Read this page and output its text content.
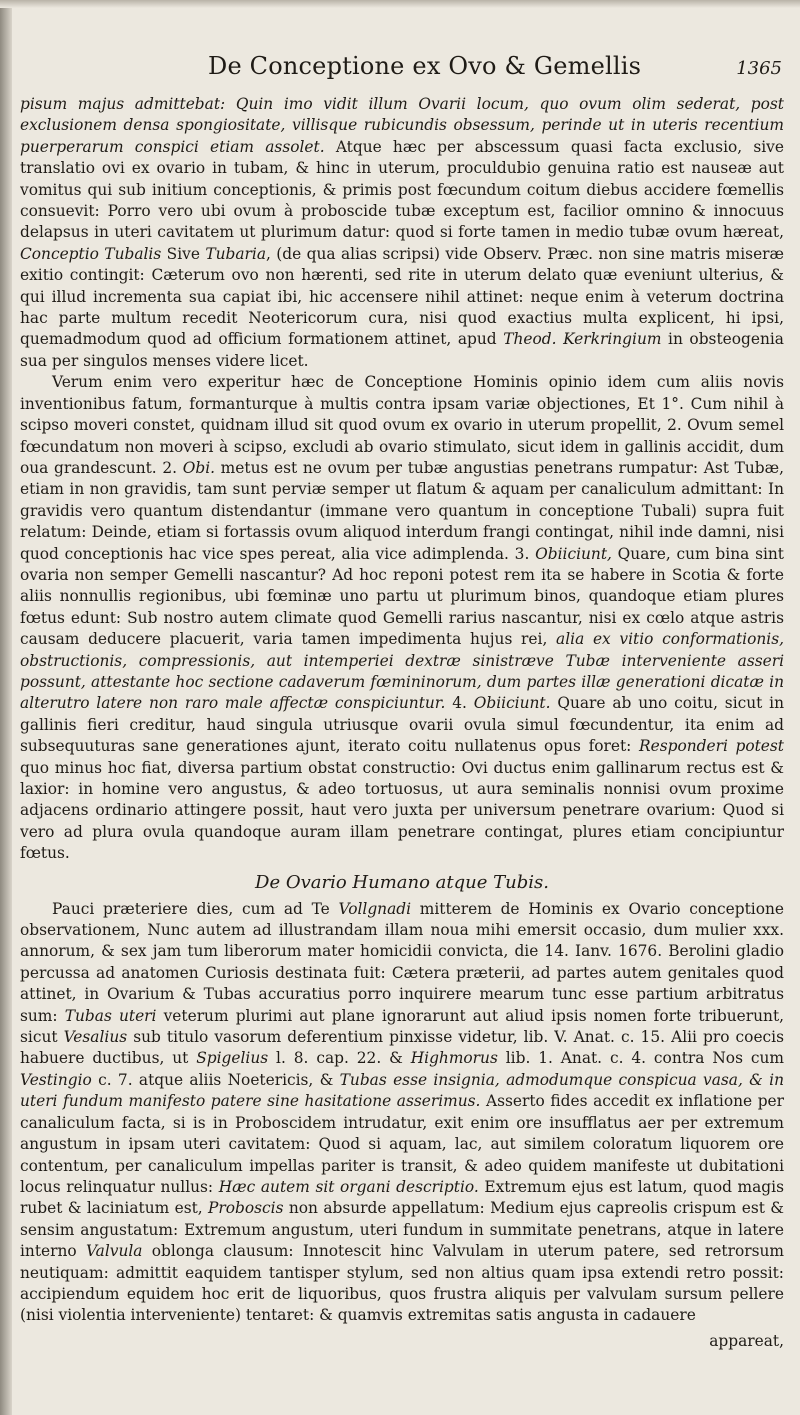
De Conceptione ex Ovo & Gemellis	1365

pisum majus admittebat: Quin imo vidit illum Ovarii locum, quo ovum olim sederat, post exclusionem densa spongiositate, villisque rubicundis obsessum, perinde ut in uteris recentium puerperarum conspici etiam assolet. Atque hæc per abscessum quasi facta exclusio, sive translatio ovi ex ovario in tubam, & hinc in uterum, proculdubio genuina ratio est nauseæ aut vomitus qui sub initium conceptionis, & primis post fœcundum coitum diebus accidere fœmellis consuevit: Porro vero ubi ovum à proboscide tubæ exceptum est, facilior omnino & innocuus delapsus in uteri cavitatem ut plurimum datur: quod si forte tamen in medio tubæ ovum hæreat, Conceptio Tubalis Sive Tubaria, (de qua alias scripsi) vide Observ. Præc. non sine matris miseræ exitio contingit: Cæterum ovo non hærenti, sed rite in uterum delato quæ eveniunt ulterius, & qui illud incrementa sua capiat ibi, hic accensere nihil attinet: neque enim à veterum doctrina hac parte multum recedit Neotericorum cura, nisi quod exactius multa explicent, hi ipsi, quemadmodum quod ad officium formationem attinet, apud Theod. Kerkringium in obsteogenia sua per singulos menses videre licet.

Verum enim vero experitur hæc de Conceptione Hominis opinio idem cum aliis novis inventionibus fatum, formanturque à multis contra ipsam variæ objectiones, Et 1°. Cum nihil à scipso moveri constet, quidnam illud sit quod ovum ex ovario in uterum propellit, 2. Ovum semel fœcundatum non moveri à scipso, excludi ab ovario stimulato, sicut idem in gallinis accidit, dum oua grandescunt. 2. Obi. metus est ne ovum per tubæ angustias penetrans rumpatur: Ast Tubæ, etiam in non gravidis, tam sunt perviæ semper ut flatum & aquam per canaliculum admittant: In gravidis vero quantum distendantur (immane vero quantum in conceptione Tubali) supra fuit relatum: Deinde, etiam si fortassis ovum aliquod interdum frangi contingat, nihil inde damni, nisi quod conceptionis hac vice spes pereat, alia vice adimplenda. 3. Obiiciunt, Quare, cum bina sint ovaria non semper Gemelli nascantur? Ad hoc reponi potest rem ita se habere in Scotia & forte aliis nonnullis regionibus, ubi fœminæ uno partu ut plurimum binos, quandoque etiam plures fœtus edunt: Sub nostro autem climate quod Gemelli rarius nascantur, nisi ex cœlo atque astris causam deducere placuerit, varia tamen impedimenta hujus rei, alia ex vitio conformationis, obstructionis, compressionis, aut intemperiei dextræ sinistræve Tubæ interveniente asseri possunt, attestante hoc sectione cadaverum fœmininorum, dum partes illæ generationi dicatæ in alterutro latere non raro male affectæ conspiciuntur. 4. Obiiciunt. Quare ab uno coitu, sicut in gallinis fieri creditur, haud singula utriusque ovarii ovula simul fœcundentur, ita enim ad subsequuturas sane generationes ajunt, iterato coitu nullatenus opus foret: Responderi potest quo minus hoc fiat, diversa partium obstat constructio: Ovi ductus enim gallinarum rectus est & laxior: in homine vero angustus, & adeo tortuosus, ut aura seminalis nonnisi ovum proxime adjacens ordinario attingere possit, haut vero juxta per universum penetrare ovarium: Quod si vero ad plura ovula quandoque auram illam penetrare contingat, plures etiam concipiuntur fœtus.

De Ovario Humano atque Tubis.

Pauci præteriere dies, cum ad Te Vollgnadi mitterem de Hominis ex Ovario conceptione observationem, Nunc autem ad illustrandam illam noua mihi emersit occasio, dum mulier xxx. annorum, & sex jam tum liberorum mater homicidii convicta, die 14. Ianv. 1676. Berolini gladio percussa ad anatomen Curiosis destinata fuit: Cætera præterii, ad partes autem genitales quod attinet, in Ovarium & Tubas accuratius porro inquirere mearum tunc esse partium arbitratus sum: Tubas uteri veterum plurimi aut plane ignorarunt aut aliud ipsis nomen forte tribuerunt, sicut Vesalius sub titulo vasorum deferentium pinxisse videtur, lib. V. Anat. c. 15. Alii pro coecis habuere ductibus, ut Spigelius l. 8. cap. 22. & Highmorus lib. 1. Anat. c. 4. contra Nos cum Vestingio c. 7. atque aliis Noetericis, & Tubas esse insignia, admodumque conspicua vasa, & in uteri fundum manifesto patere sine hasitatione asserimus. Asserto fides accedit ex inflatione per canaliculum facta, si is in Proboscidem intrudatur, exit enim ore insufflatus aer per extremum angustum in ipsam uteri cavitatem: Quod si aquam, lac, aut similem coloratum liquorem ore contentum, per canaliculum impellas pariter is transit, & adeo quidem manifeste ut dubitationi locus relinquatur nullus: Hæc autem sit organi descriptio. Extremum ejus est latum, quod magis rubet & laciniatum est, Proboscis non absurde appellatum: Medium ejus capreolis crispum est & sensim angustatum: Extremum angustum, uteri fundum in summitate penetrans, atque in latere interno Valvula oblonga clausum: Innotescit hinc Valvulam in uterum patere, sed retrorsum neutiquam: admittit eaquidem tantisper stylum, sed non altius quam ipsa extendi retro possit: accipiendum equidem hoc erit de liquoribus, quos frustra aliquis per valvulam sursum pellere (nisi violentia interveniente) tentaret: & quamvis extremitas satis angusta in cadauere

appareat,
